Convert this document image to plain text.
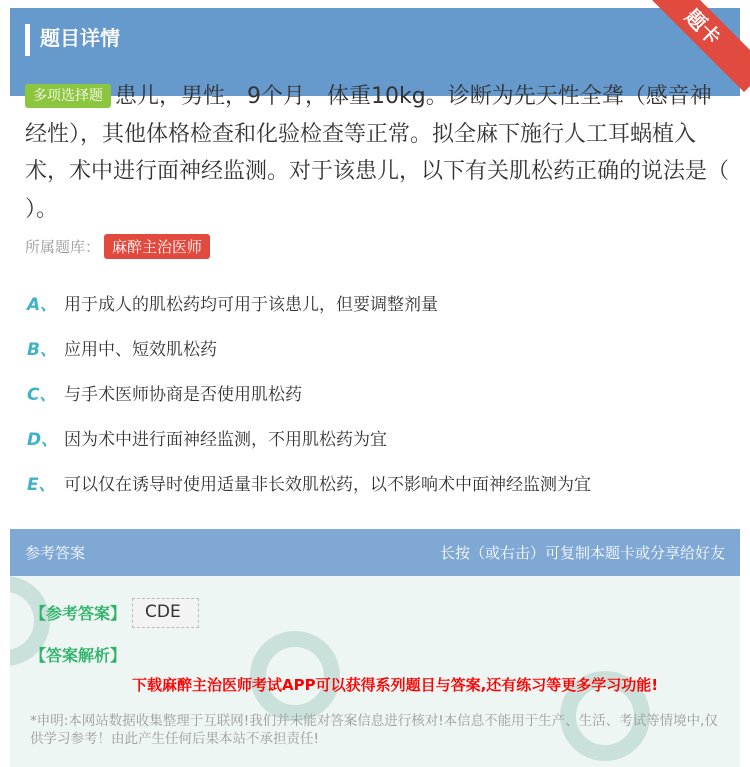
题目详情	题卡
多项选择题 患儿，男性，9个月，体重10kg。诊断为先天性全聋（感音神经性），其他体格检查和化验检查等正常。拟全麻下施行人工耳蜗植入术，术中进行面神经监测。对于该患儿，以下有关肌松药正确的说法是（ ）。
所属题库： 麻醉主治医师
A、 用于成人的肌松药均可用于该患儿，但要调整剂量
B、 应用中、短效肌松药
C、 与手术医师协商是否使用肌松药
D、 因为术中进行面神经监测，不用肌松药为宜
E、 可以仅在诱导时使用适量非长效肌松药，以不影响术中面神经监测为宜
参考答案	长按（或右击）可复制本题卡或分享给好友
【参考答案】	CDE
【答案解析】
下载麻醉主治医师考试APP可以获得系列题目与答案,还有练习等更多学习功能!
*申明:本网站数据收集整理于互联网!我们并未能对答案信息进行核对!本信息不能用于生产、生活、考试等情境中,仅供学习参考！由此产生任何后果本站不承担责任!
